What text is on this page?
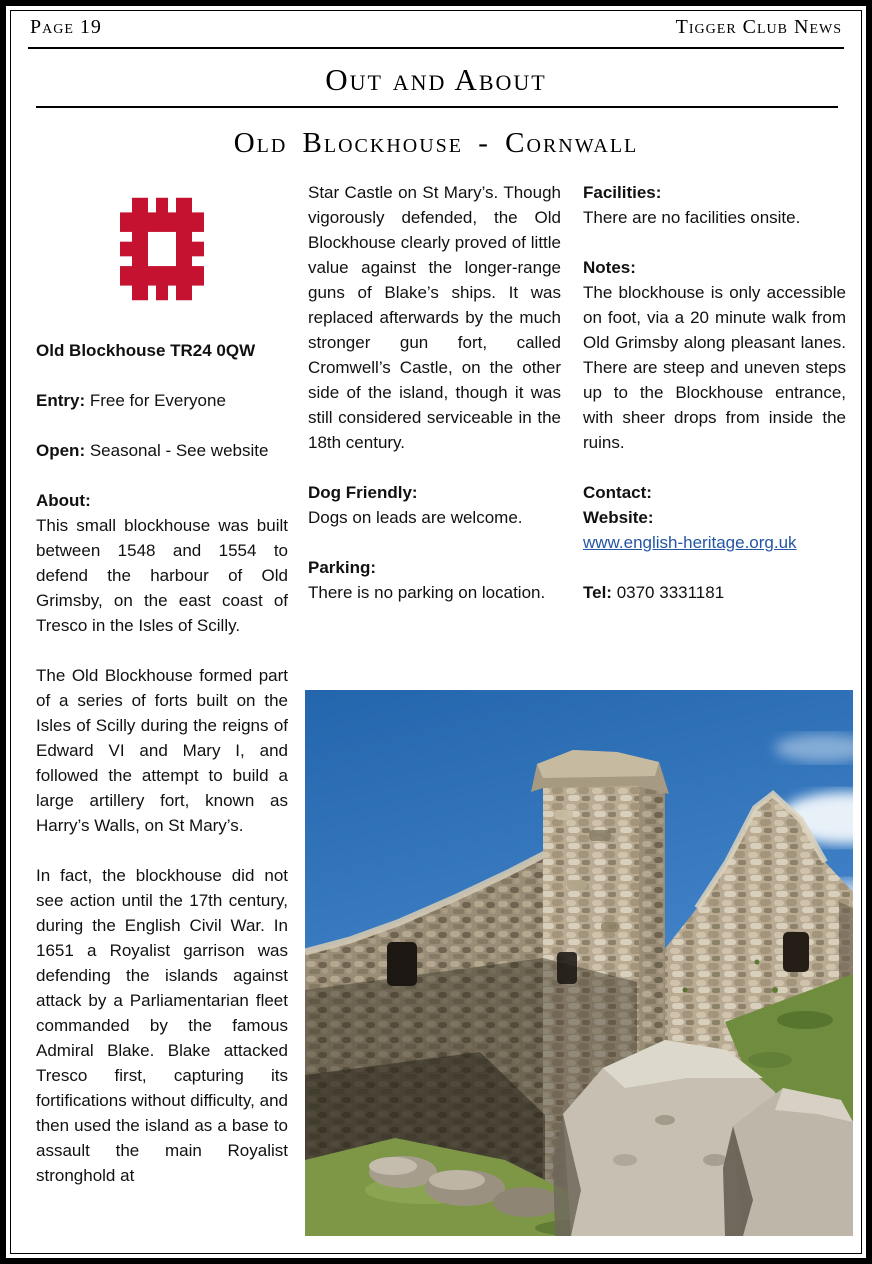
Page 19	Tigger Club News
Out and About
Old Blockhouse - Cornwall

Old Blockhouse TR24 0QW

Entry: Free for Everyone

Open: Seasonal - See website

About:

This small blockhouse was built between 1548 and 1554 to defend the harbour of Old Grimsby, on the east coast of Tresco in the Isles of Scilly.

The Old Blockhouse formed part of a series of forts built on the Isles of Scilly during the reigns of Edward VI and Mary I, and followed the attempt to build a large artillery fort, known as Harry’s Walls, on St Mary’s.

In fact, the blockhouse did not see action until the 17th century, during the English Civil War. In 1651 a Royalist garrison was defending the islands against attack by a Parliamentarian fleet commanded by the famous Admiral Blake. Blake attacked Tresco first, capturing its fortifications without difficulty, and then used the island as a base to assault the main Royalist stronghold at

Star Castle on St Mary’s. Though vigorously defended, the Old Blockhouse clearly proved of little value against the longer-range guns of Blake’s ships. It was replaced afterwards by the much stronger gun fort, called Cromwell’s Castle, on the other side of the island, though it was still considered serviceable in the 18th century.

Dog Friendly:

Dogs on leads are welcome.

Parking:

There is no parking on location.

Facilities:

There are no facilities onsite.

Notes:

The blockhouse is only accessible on foot, via a 20 minute walk from Old Grimsby along pleasant lanes. There are steep and uneven steps up to the Blockhouse entrance, with sheer drops from inside the ruins.

Contact:

Website:

www.english-heritage.org.uk

Tel: 0370 3331181
